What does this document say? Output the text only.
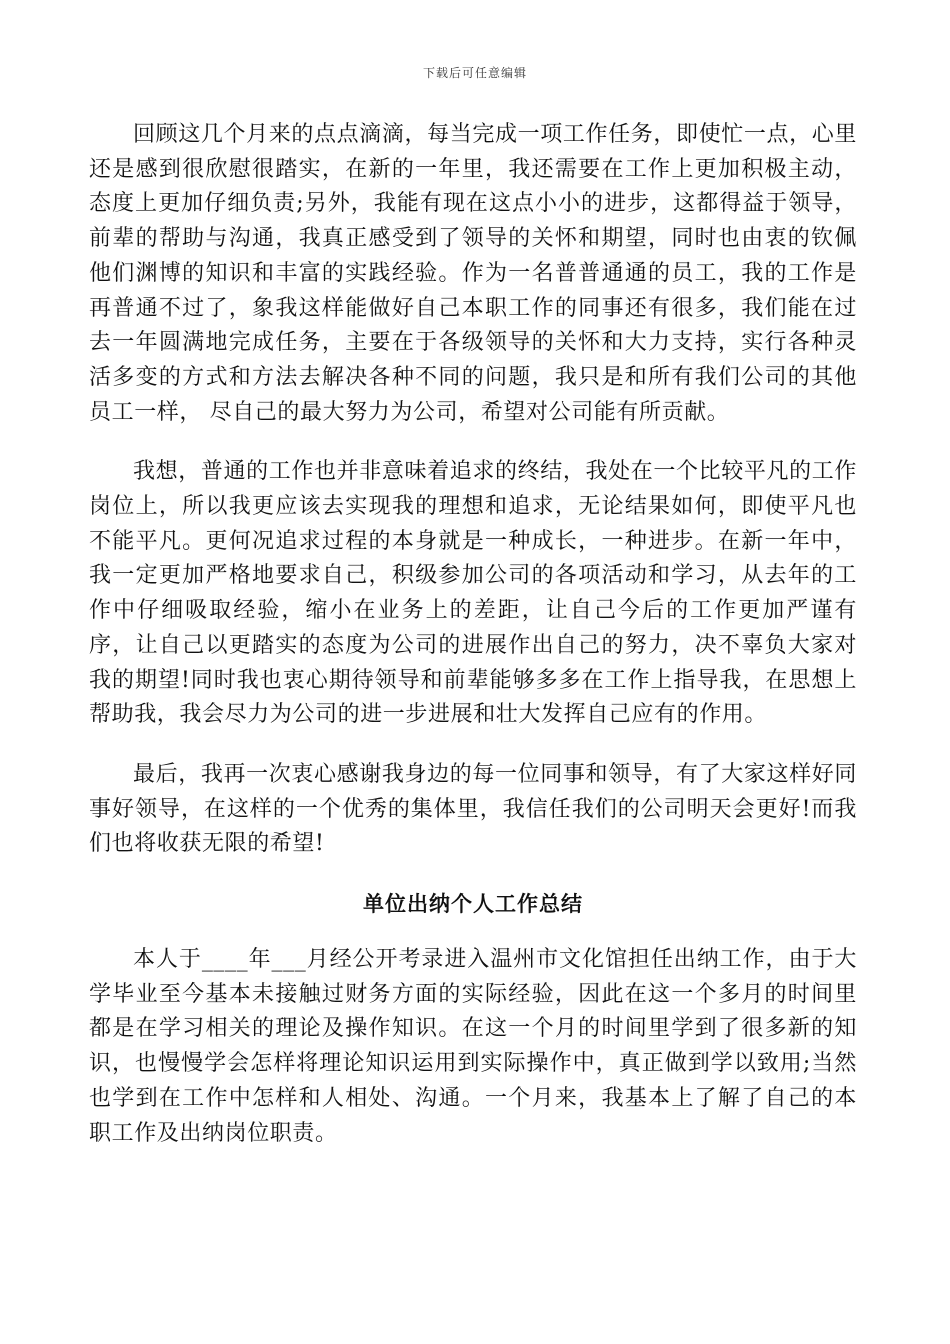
下载后可任意编辑

回顾这几个月来的点点滴滴，每当完成一项工作任务，即使忙一点，心里还是感到很欣慰很踏实，在新的一年里，我还需要在工作上更加积极主动，态度上更加仔细负责;另外，我能有现在这点小小的进步，这都得益于领导，前辈的帮助与沟通，我真正感受到了领导的关怀和期望，同时也由衷的钦佩他们渊博的知识和丰富的实践经验。作为一名普普通通的员工，我的工作是再普通不过了，象我这样能做好自己本职工作的同事还有很多，我们能在过去一年圆满地完成任务，主要在于各级领导的关怀和大力支持，实行各种灵活多变的方式和方法去解决各种不同的问题，我只是和所有我们公司的其他员工一样， 尽自己的最大努力为公司，希望对公司能有所贡献。

我想，普通的工作也并非意味着追求的终结，我处在一个比较平凡的工作岗位上，所以我更应该去实现我的理想和追求，无论结果如何，即使平凡也不能平凡。更何况追求过程的本身就是一种成长，一种进步。在新一年中，我一定更加严格地要求自己，积级参加公司的各项活动和学习，从去年的工作中仔细吸取经验，缩小在业务上的差距，让自己今后的工作更加严谨有序，让自己以更踏实的态度为公司的进展作出自己的努力，决不辜负大家对我的期望!同时我也衷心期待领导和前辈能够多多在工作上指导我，在思想上帮助我，我会尽力为公司的进一步进展和壮大发挥自己应有的作用。

最后，我再一次衷心感谢我身边的每一位同事和领导，有了大家这样好同事好领导，在这样的一个优秀的集体里，我信任我们的公司明天会更好!而我们也将收获无限的希望!

单位出纳个人工作总结

本人于____年___月经公开考录进入温州市文化馆担任出纳工作，由于大学毕业至今基本未接触过财务方面的实际经验，因此在这一个多月的时间里都是在学习相关的理论及操作知识。在这一个月的时间里学到了很多新的知识，也慢慢学会怎样将理论知识运用到实际操作中，真正做到学以致用;当然也学到在工作中怎样和人相处、沟通。一个月来，我基本上了解了自己的本职工作及出纳岗位职责。
